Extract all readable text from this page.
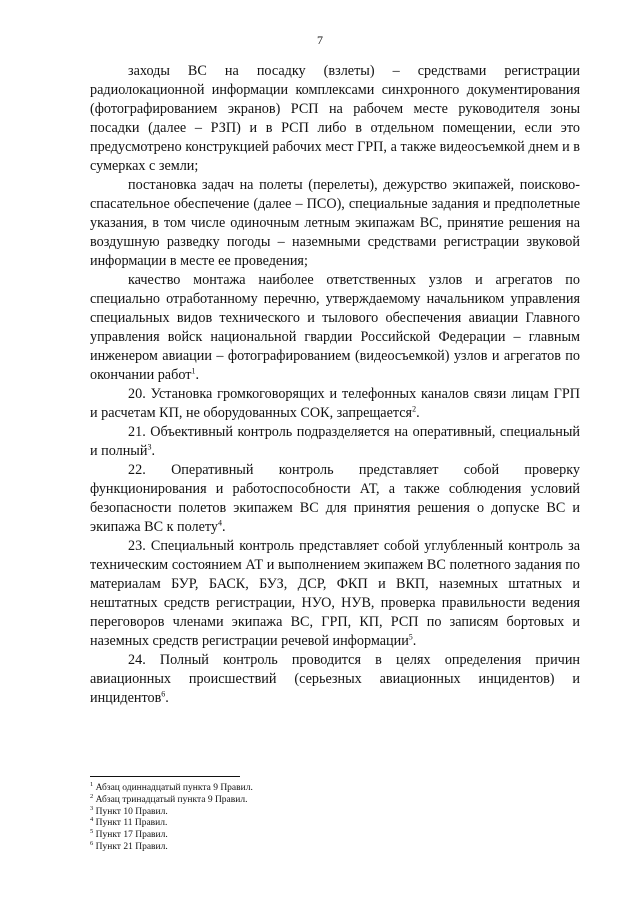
7

заходы ВС на посадку (взлеты) – средствами регистрации радиолокационной информации комплексами синхронного документирования (фотографированием экранов) РСП на рабочем месте руководителя зоны посадки (далее – РЗП) и в РСП либо в отдельном помещении, если это предусмотрено конструкцией рабочих мест ГРП, а также видеосъемкой днем и в сумерках с земли;

постановка задач на полеты (перелеты), дежурство экипажей, поисково-спасательное обеспечение (далее – ПСО), специальные задания и предполетные указания, в том числе одиночным летным экипажам ВС, принятие решения на воздушную разведку погоды – наземными средствами регистрации звуковой информации в месте ее проведения;

качество монтажа наиболее ответственных узлов и агрегатов по специально отработанному перечню, утверждаемому начальником управления специальных видов технического и тылового обеспечения авиации Главного управления войск национальной гвардии Российской Федерации – главным инженером авиации – фотографированием (видеосъемкой) узлов и агрегатов по окончании работ$^1$.

20. Установка громкоговорящих и телефонных каналов связи лицам ГРП и расчетам КП, не оборудованных СОК, запрещается$^2$.

21. Объективный контроль подразделяется на оперативный, специальный и полный$^3$.

22. Оперативный контроль представляет собой проверку функционирования и работоспособности АТ, а также соблюдения условий безопасности полетов экипажем ВС для принятия решения о допуске ВС и экипажа ВС к полету$^4$.

23. Специальный контроль представляет собой углубленный контроль за техническим состоянием АТ и выполнением экипажем ВС полетного задания по материалам БУР, БАСК, БУЗ, ДСР, ФКП и ВКП, наземных штатных и нештатных средств регистрации, НУО, НУВ, проверка правильности ведения переговоров членами экипажа ВС, ГРП, КП, РСП по записям бортовых и наземных средств регистрации речевой информации$^5$.

24. Полный контроль проводится в целях определения причин авиационных происшествий (серьезных авиационных инцидентов) и инцидентов$^6$.

$^1$ Абзац одиннадцатый пункта 9 Правил.

$^2$ Абзац тринадцатый пункта 9 Правил.

$^3$ Пункт 10 Правил.

$^4$ Пункт 11 Правил.

$^5$ Пункт 17 Правил.

$^6$ Пункт 21 Правил.
